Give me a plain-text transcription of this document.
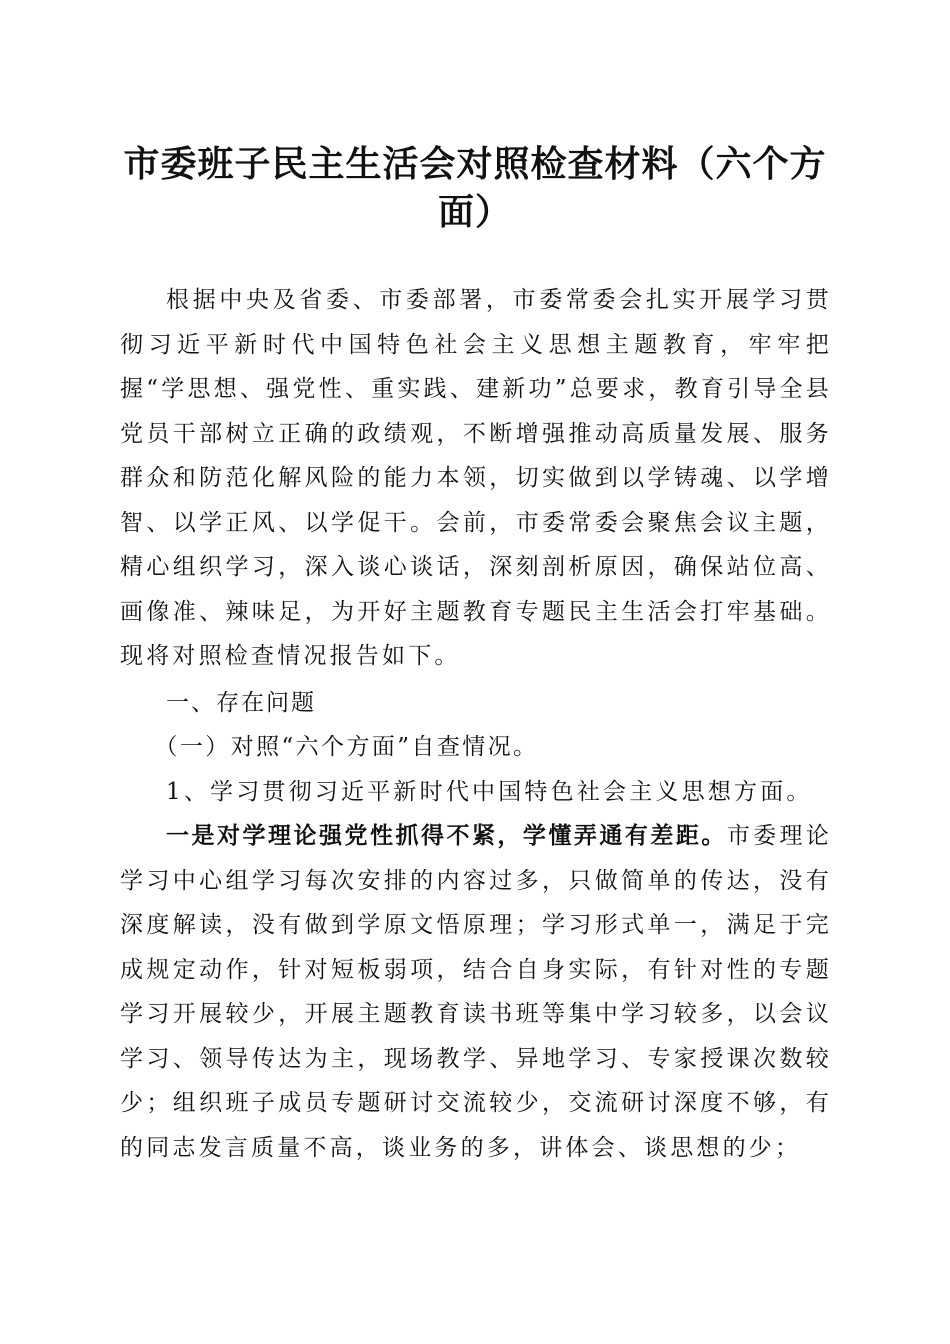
市委班子民主生活会对照检查材料（六个方面）

根据中央及省委、市委部署，市委常委会扎实开展学习贯彻习近平新时代中国特色社会主义思想主题教育，牢牢把握“学思想、强党性、重实践、建新功”总要求，教育引导全县党员干部树立正确的政绩观，不断增强推动高质量发展、服务群众和防范化解风险的能力本领，切实做到以学铸魂、以学增智、以学正风、以学促干。会前，市委常委会聚焦会议主题，精心组织学习，深入谈心谈话，深刻剖析原因，确保站位高、画像准、辣味足，为开好主题教育专题民主生活会打牢基础。现将对照检查情况报告如下。

一、存在问题

（一）对照“六个方面”自查情况。

1、学习贯彻习近平新时代中国特色社会主义思想方面。

一是对学理论强党性抓得不紧，学懂弄通有差距。市委理论学习中心组学习每次安排的内容过多，只做简单的传达，没有深度解读，没有做到学原文悟原理；学习形式单一，满足于完成规定动作，针对短板弱项，结合自身实际，有针对性的专题学习开展较少，开展主题教育读书班等集中学习较多，以会议学习、领导传达为主，现场教学、异地学习、专家授课次数较少；组织班子成员专题研讨交流较少，交流研讨深度不够，有的同志发言质量不高，谈业务的多，讲体会、谈思想的少；
